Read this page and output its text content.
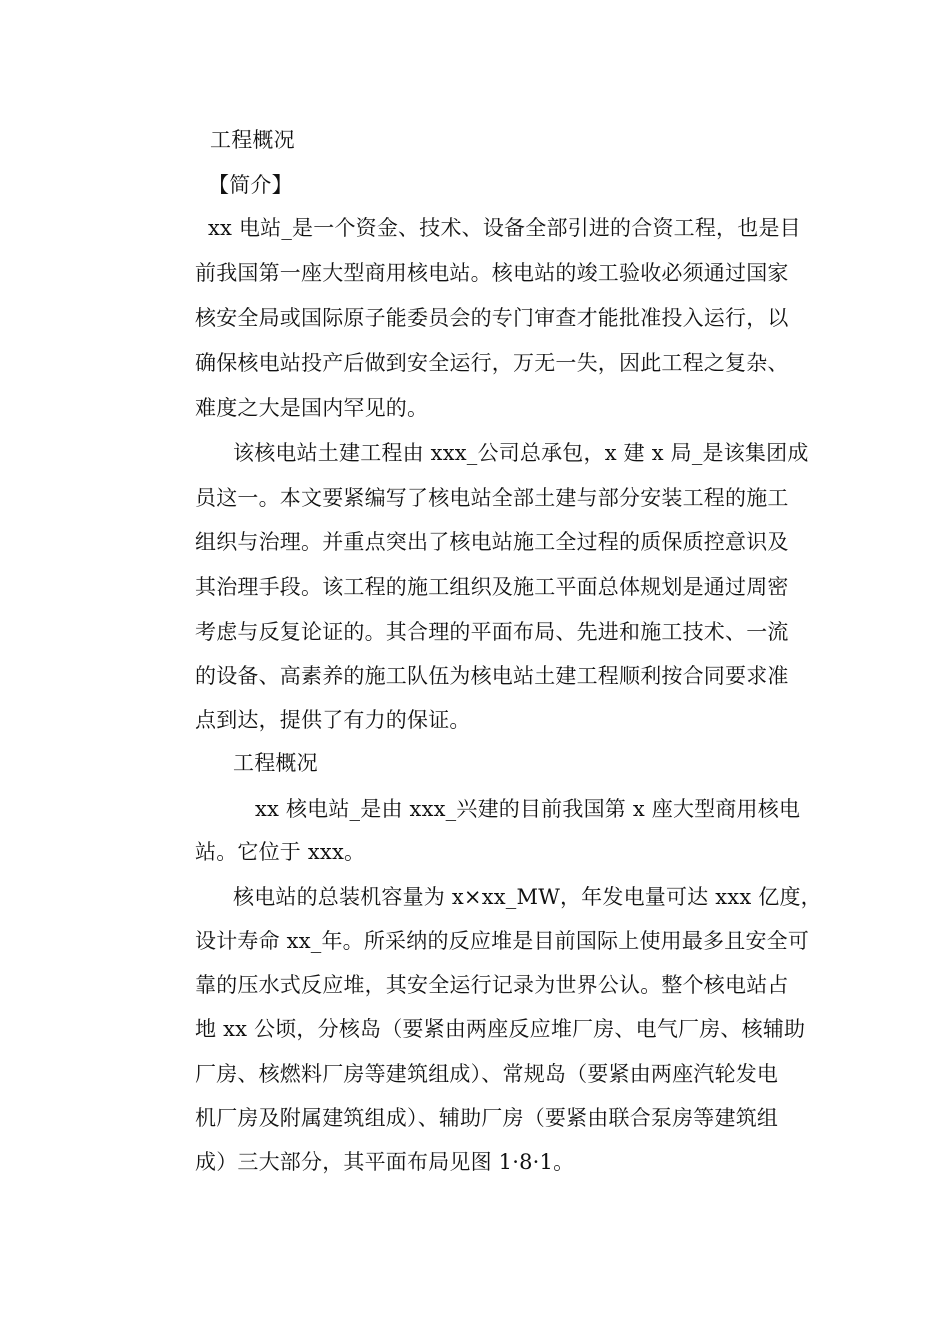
工程概况
【简介】
xx 电站_是一个资金、技术、设备全部引进的合资工程，也是目
前我国第一座大型商用核电站。核电站的竣工验收必须通过国家
核安全局或国际原子能委员会的专门审查才能批准投入运行，以
确保核电站投产后做到安全运行，万无一失，因此工程之复杂、
难度之大是国内罕见的。
该核电站土建工程由 xxx_公司总承包，x 建 x 局_是该集团成
员这一。本文要紧编写了核电站全部土建与部分安装工程的施工
组织与治理。并重点突出了核电站施工全过程的质保质控意识及
其治理手段。该工程的施工组织及施工平面总体规划是通过周密
考虑与反复论证的。其合理的平面布局、先进和施工技术、一流
的设备、高素养的施工队伍为核电站土建工程顺利按合同要求准
点到达，提供了有力的保证。
工程概况
xx 核电站_是由 xxx_兴建的目前我国第 x 座大型商用核电
站。它位于 xxx。
核电站的总装机容量为 x×xx_MW，年发电量可达 xxx 亿度，
设计寿命 xx_年。所采纳的反应堆是目前国际上使用最多且安全可
靠的压水式反应堆，其安全运行记录为世界公认。整个核电站占
地 xx 公顷，分核岛（要紧由两座反应堆厂房、电气厂房、核辅助
厂房、核燃料厂房等建筑组成）、常规岛（要紧由两座汽轮发电
机厂房及附属建筑组成）、辅助厂房（要紧由联合泵房等建筑组
成）三大部分，其平面布局见图 1·8·1。
